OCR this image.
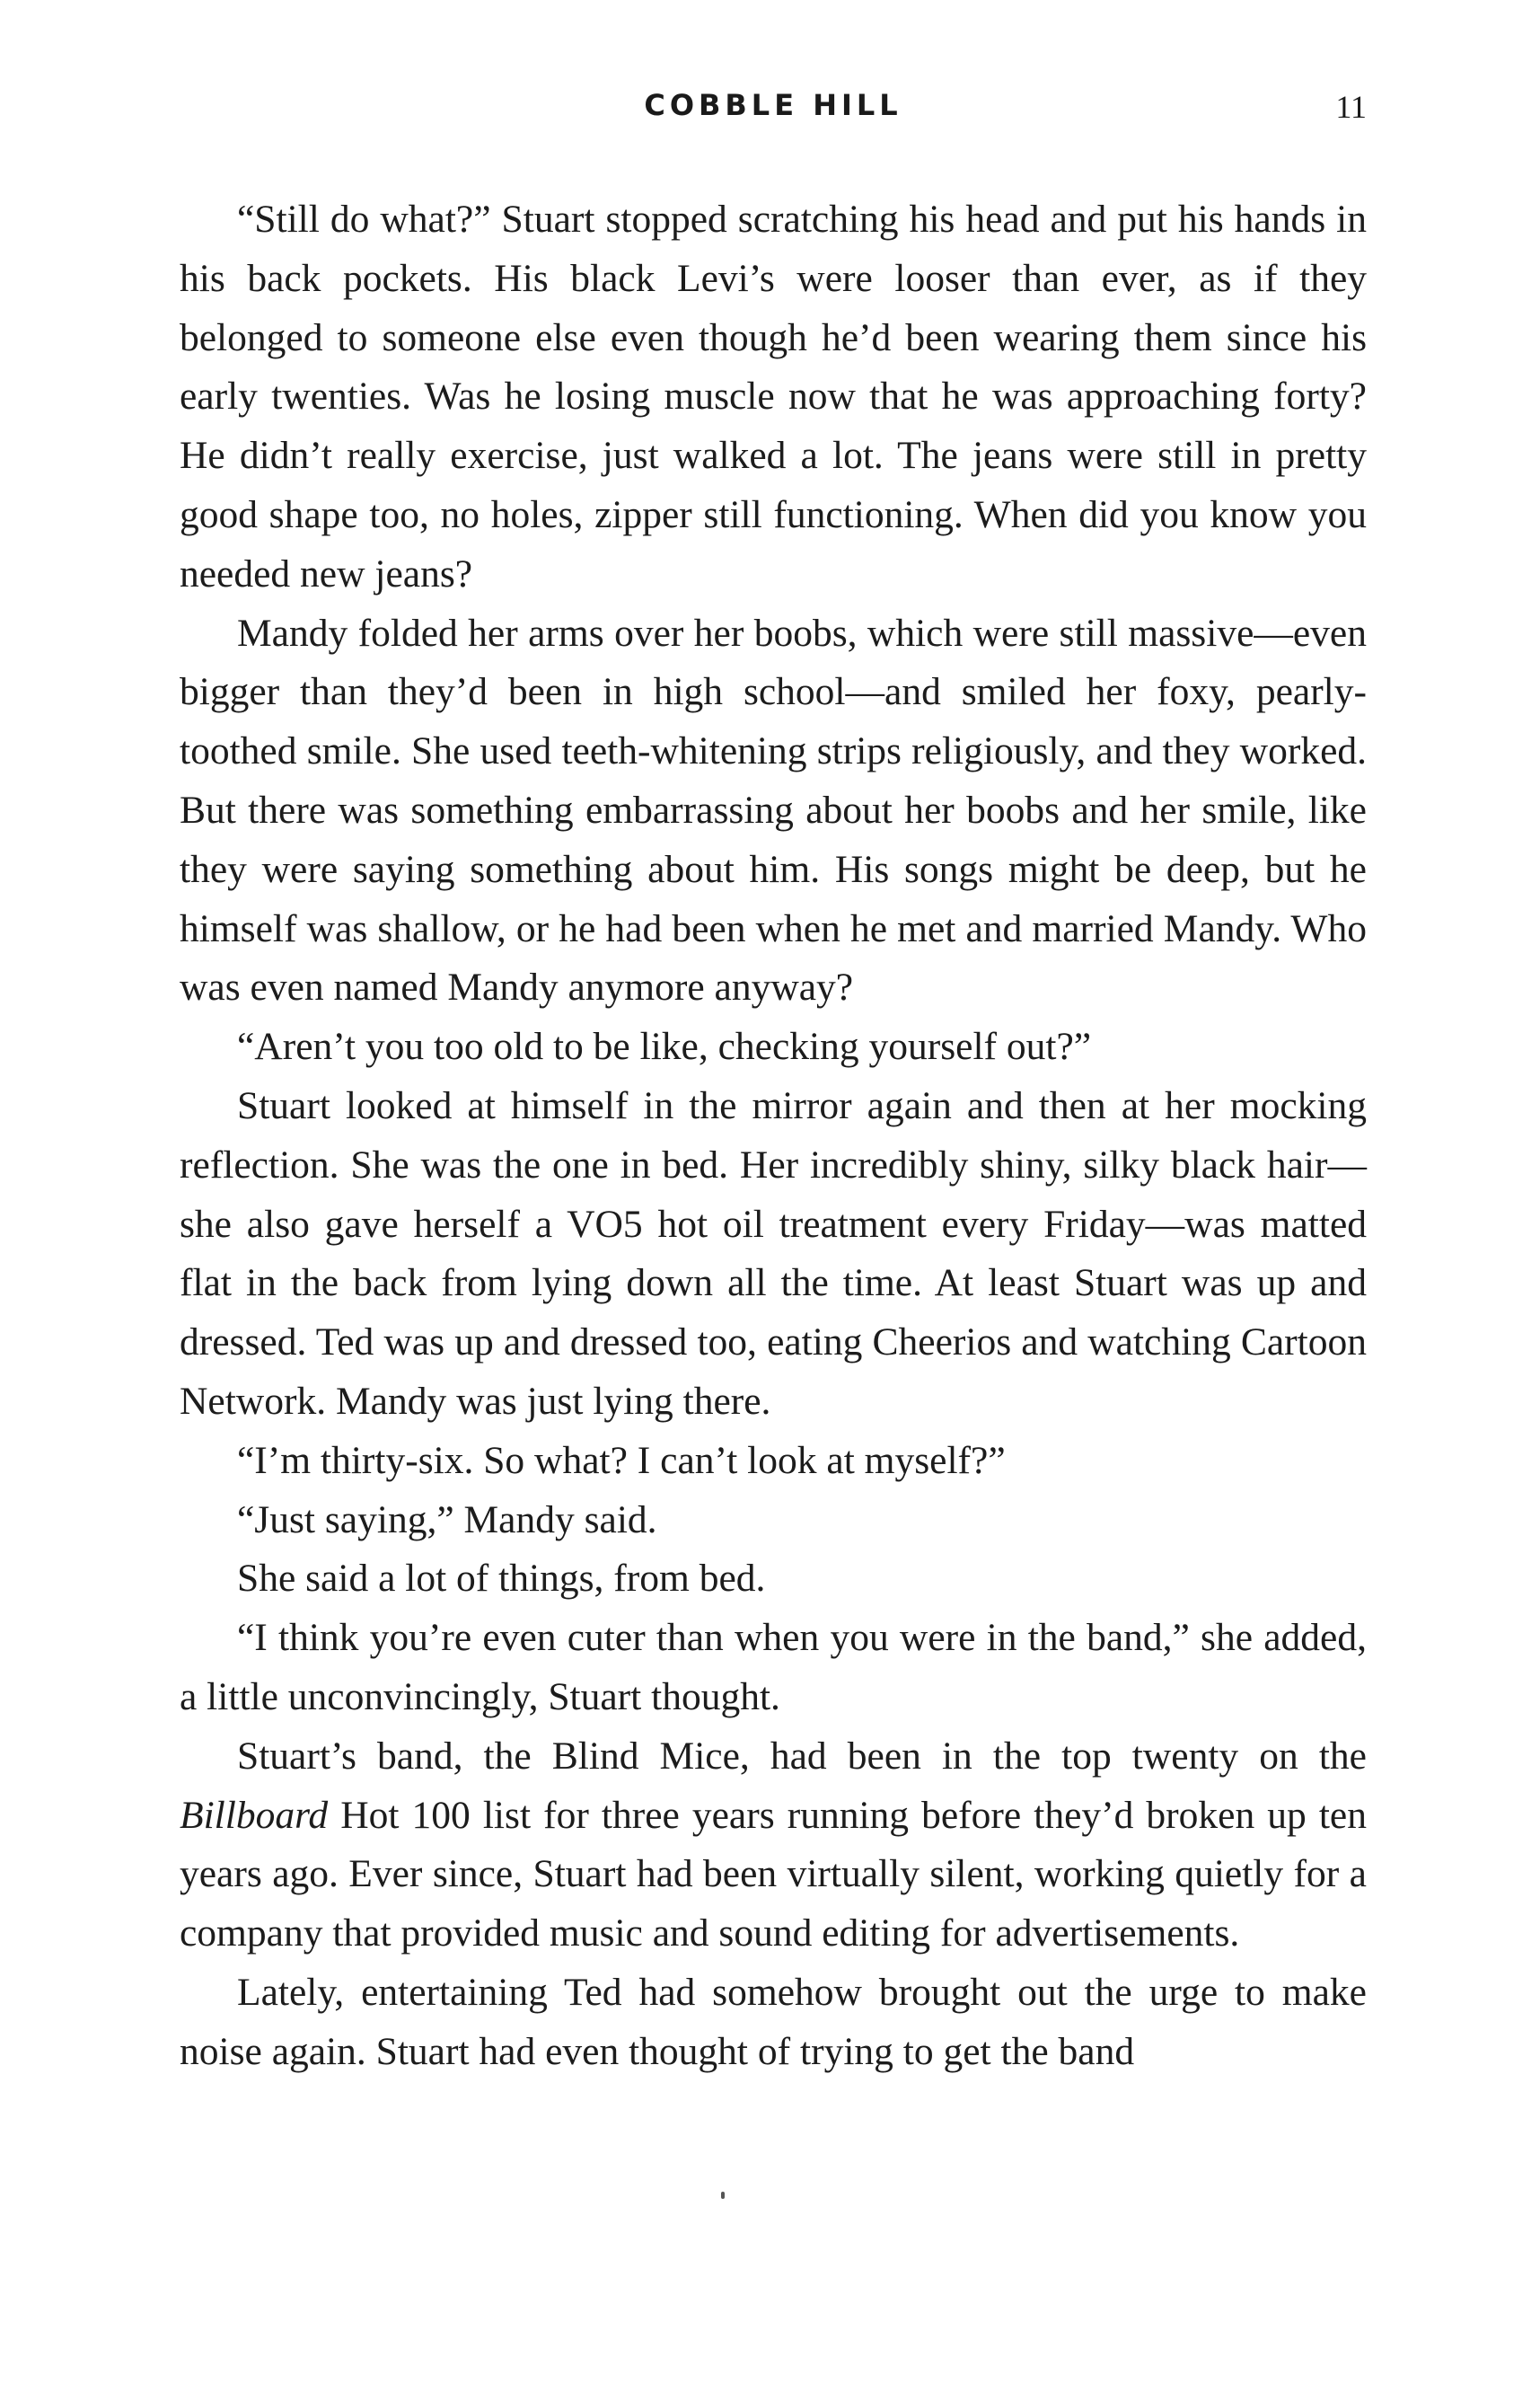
COBBLE HILL	11

“Still do what?” Stuart stopped scratching his head and put his hands in his back pockets. His black Levi’s were looser than ever, as if they belonged to someone else even though he’d been wearing them since his early twenties. Was he losing muscle now that he was approaching forty? He didn’t really exercise, just walked a lot. The jeans were still in pretty good shape too, no holes, zipper still functioning. When did you know you needed new jeans?

Mandy folded her arms over her boobs, which were still massive—even bigger than they’d been in high school—and smiled her foxy, pearly-toothed smile. She used teeth-whitening strips religiously, and they worked. But there was something embarrassing about her boobs and her smile, like they were saying something about him. His songs might be deep, but he himself was shallow, or he had been when he met and married Mandy. Who was even named Mandy anymore anyway?

“Aren’t you too old to be like, checking yourself out?”

Stuart looked at himself in the mirror again and then at her mocking reflection. She was the one in bed. Her incredibly shiny, silky black hair—she also gave herself a VO5 hot oil treatment every Friday—was matted flat in the back from lying down all the time. At least Stuart was up and dressed. Ted was up and dressed too, eating Cheerios and watching Cartoon Network. Mandy was just lying there.

“I’m thirty-six. So what? I can’t look at myself?”

“Just saying,” Mandy said.

She said a lot of things, from bed.

“I think you’re even cuter than when you were in the band,” she added, a little unconvincingly, Stuart thought.

Stuart’s band, the Blind Mice, had been in the top twenty on the Billboard Hot 100 list for three years running before they’d broken up ten years ago. Ever since, Stuart had been virtually silent, working quietly for a company that provided music and sound editing for advertisements.

Lately, entertaining Ted had somehow brought out the urge to make noise again. Stuart had even thought of trying to get the band
